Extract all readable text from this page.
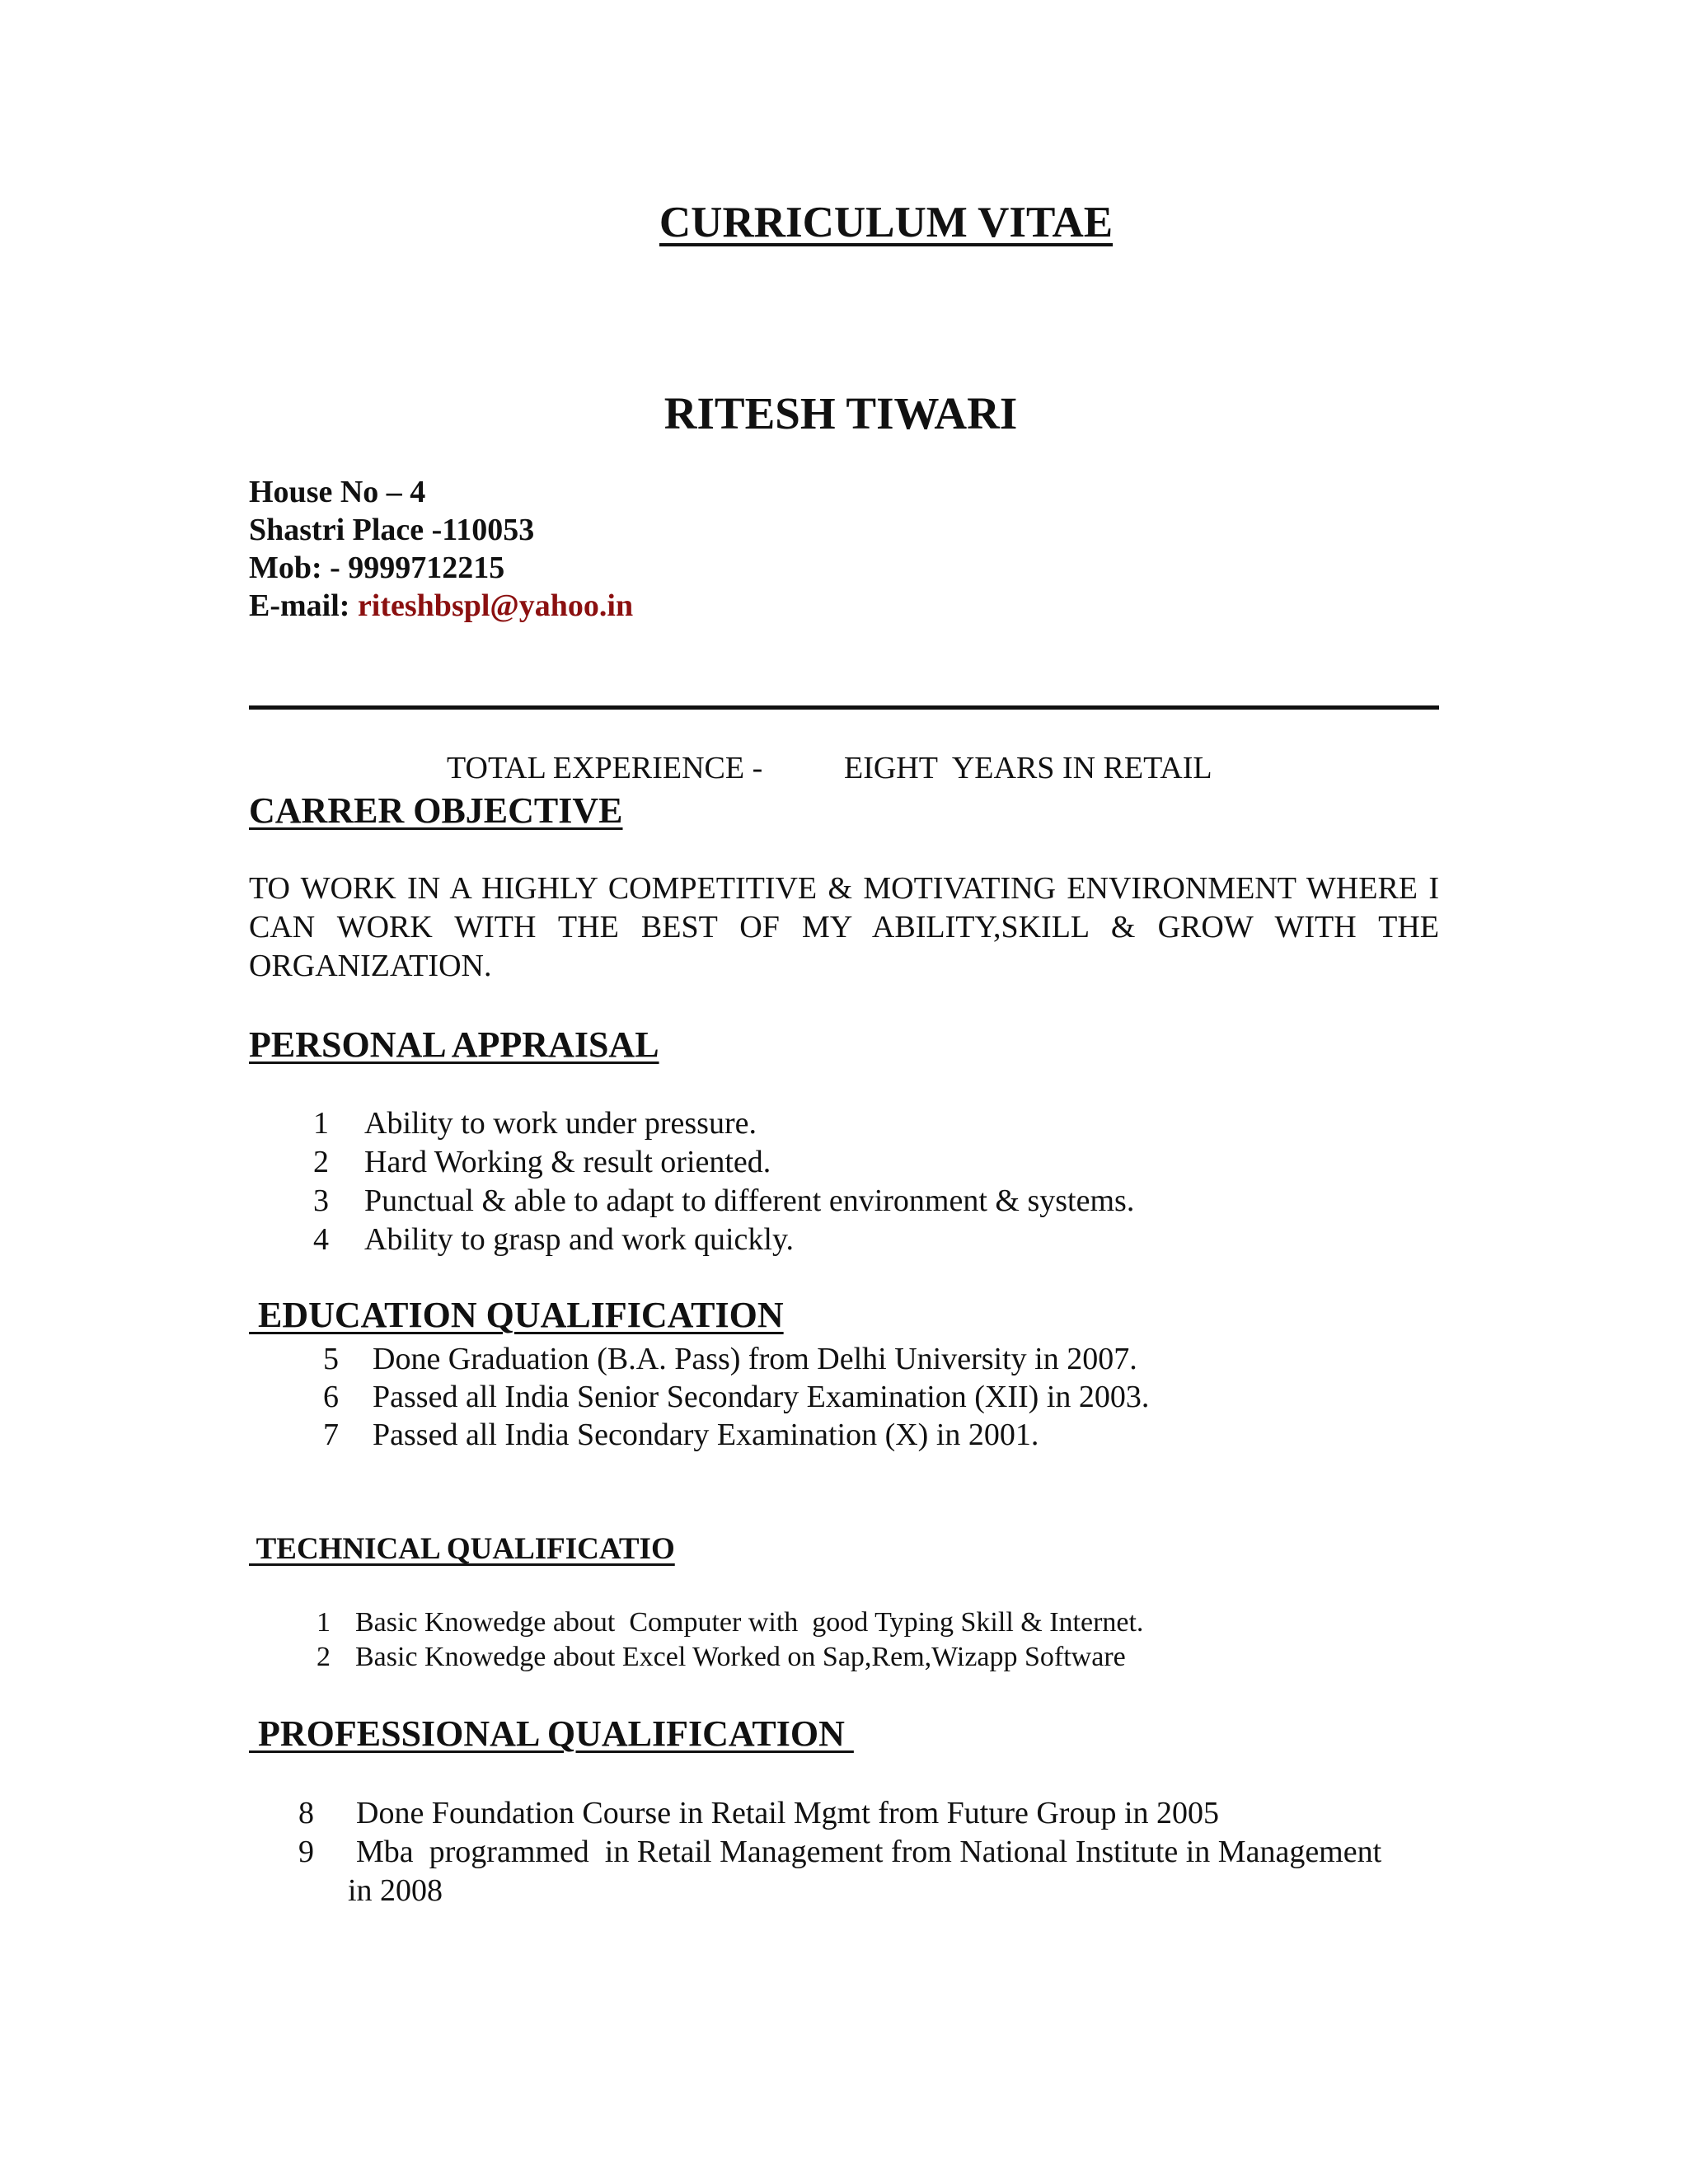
CURRICULUM VITAE
RITESH TIWARI
House No – 4
Shastri Place -110053
Mob: - 9999712215
E-mail: riteshbspl@yahoo.in
TOTAL EXPERIENCE -	EIGHT  YEARS IN RETAIL
CARRER OBJECTIVE
TO WORK IN A HIGHLY COMPETITIVE & MOTIVATING ENVIRONMENT WHERE I CAN WORK WITH THE BEST OF MY ABILITY,SKILL & GROW WITH THE ORGANIZATION.
PERSONAL APPRAISAL
1	Ability to work under pressure.
2	Hard Working & result oriented.
3	Punctual & able to adapt to different environment & systems.
4	Ability to grasp and work quickly.
EDUCATION QUALIFICATION
5	Done Graduation (B.A. Pass) from Delhi University in 2007.
6	Passed all India Senior Secondary Examination (XII) in 2003.
7	Passed all India Secondary Examination (X) in 2001.
TECHNICAL QUALIFICATIO
1 Basic Knowedge about  Computer with  good Typing Skill & Internet.
2 Basic Knowedge about Excel Worked on Sap,Rem,Wizapp Software
PROFESSIONAL QUALIFICATION
8	Done Foundation Course in Retail Mgmt from Future Group in 2005
9	Mba  programmed  in Retail Management from National Institute in Management
in 2008
